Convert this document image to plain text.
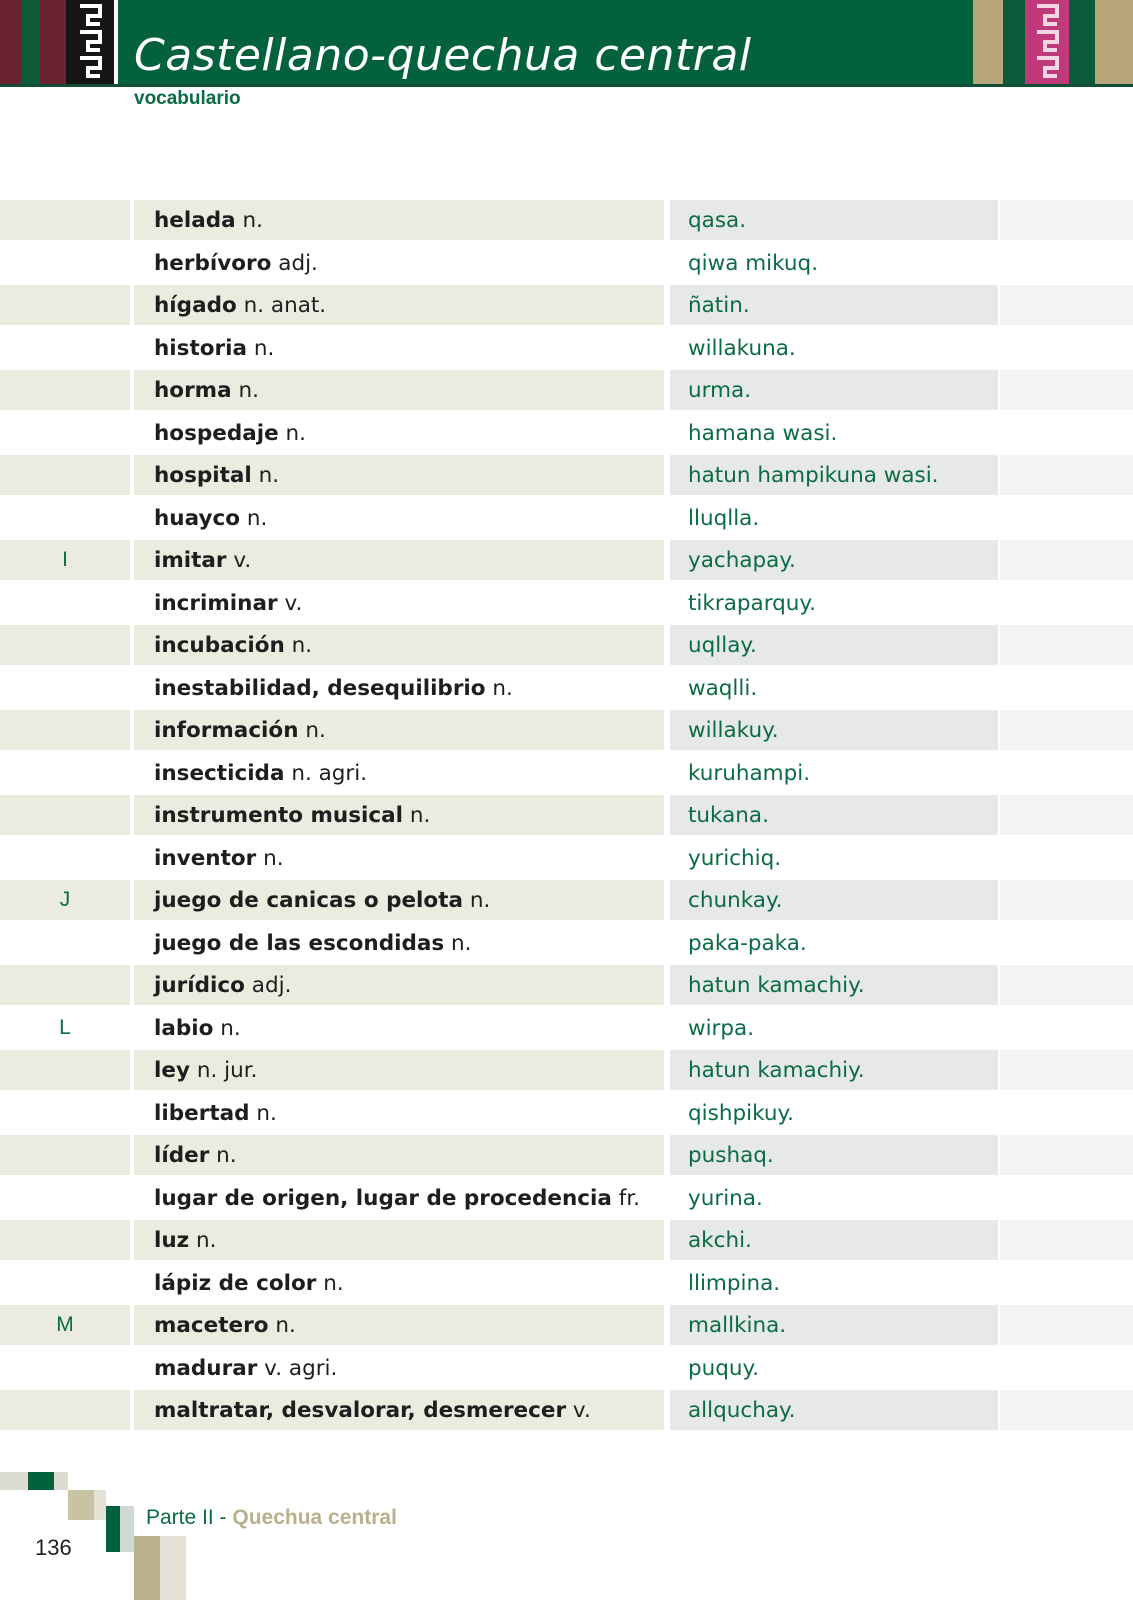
Castellano-quechua central
vocabulario
helada n.	qasa.
herbívoro adj.	qiwa mikuq.
hígado n. anat.	ñatin.
historia n.	willakuna.
horma n.	urma.
hospedaje n.	hamana wasi.
hospital n.	hatun hampikuna wasi.
huayco n.	lluqlla.
I	imitar v.	yachapay.
incriminar v.	tikraparquy.
incubación n.	uqllay.
inestabilidad, desequilibrio n.	waqlli.
información n.	willakuy.
insecticida n. agri.	kuruhampi.
instrumento musical n.	tukana.
inventor n.	yurichiq.
J	juego de canicas o pelota n.	chunkay.
juego de las escondidas n.	paka-paka.
jurídico adj.	hatun kamachiy.
L	labio n.	wirpa.
ley n. jur.	hatun kamachiy.
libertad n.	qishpikuy.
líder n.	pushaq.
lugar de origen, lugar de procedencia fr.	yurina.
luz n.	akchi.
lápiz de color n.	llimpina.
M	macetero n.	mallkina.
madurar v. agri.	puquy.
maltratar, desvalorar, desmerecer v.	allquchay.
Parte II - Quechua central
136
